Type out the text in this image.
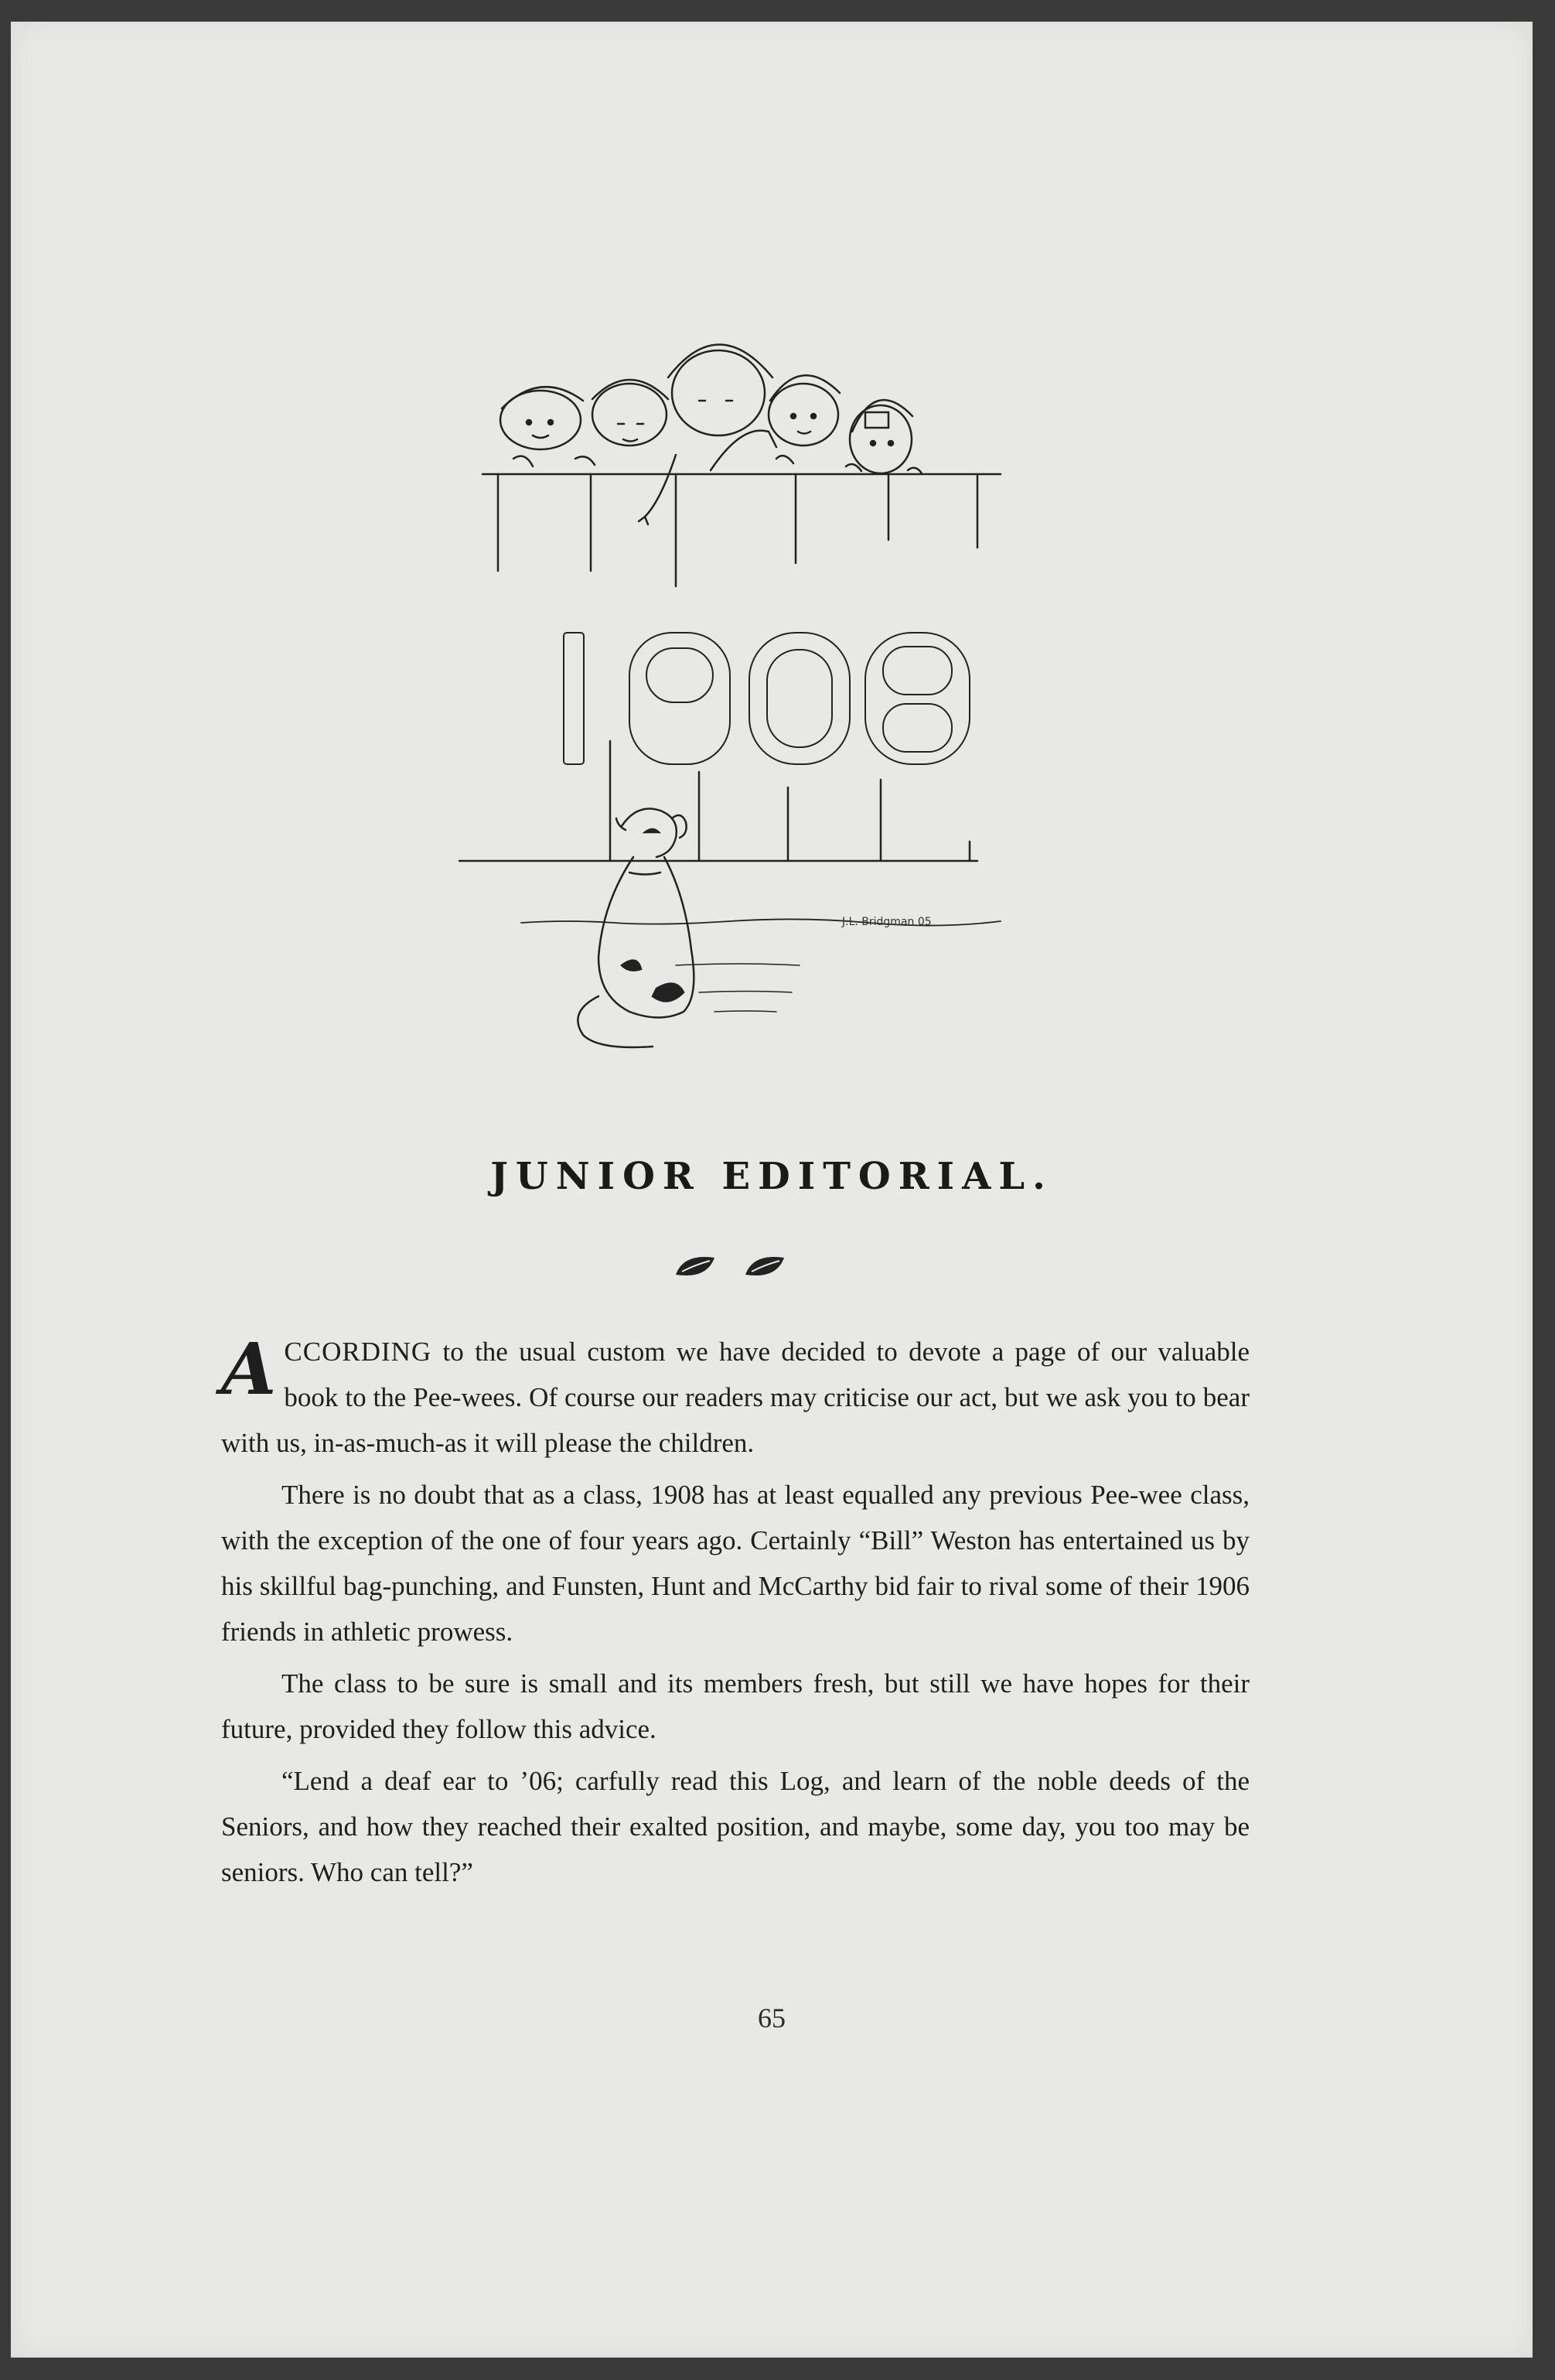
J.L. Bridgman 05
JUNIOR EDITORIAL.

ACCORDING to the usual custom we have decided to devote a page of our valuable book to the Pee-wees. Of course our readers may criticise our act, but we ask you to bear with us, in-as-much-as it will please the children.

There is no doubt that as a class, 1908 has at least equalled any previous Pee-wee class, with the exception of the one of four years ago. Certainly “Bill” Weston has entertained us by his skillful bag-punching, and Funsten, Hunt and McCarthy bid fair to rival some of their 1906 friends in athletic prowess.

The class to be sure is small and its members fresh, but still we have hopes for their future, provided they follow this advice.

“Lend a deaf ear to ’06; carfully read this Log, and learn of the noble deeds of the Seniors, and how they reached their exalted position, and maybe, some day, you too may be seniors. Who can tell?”

65
